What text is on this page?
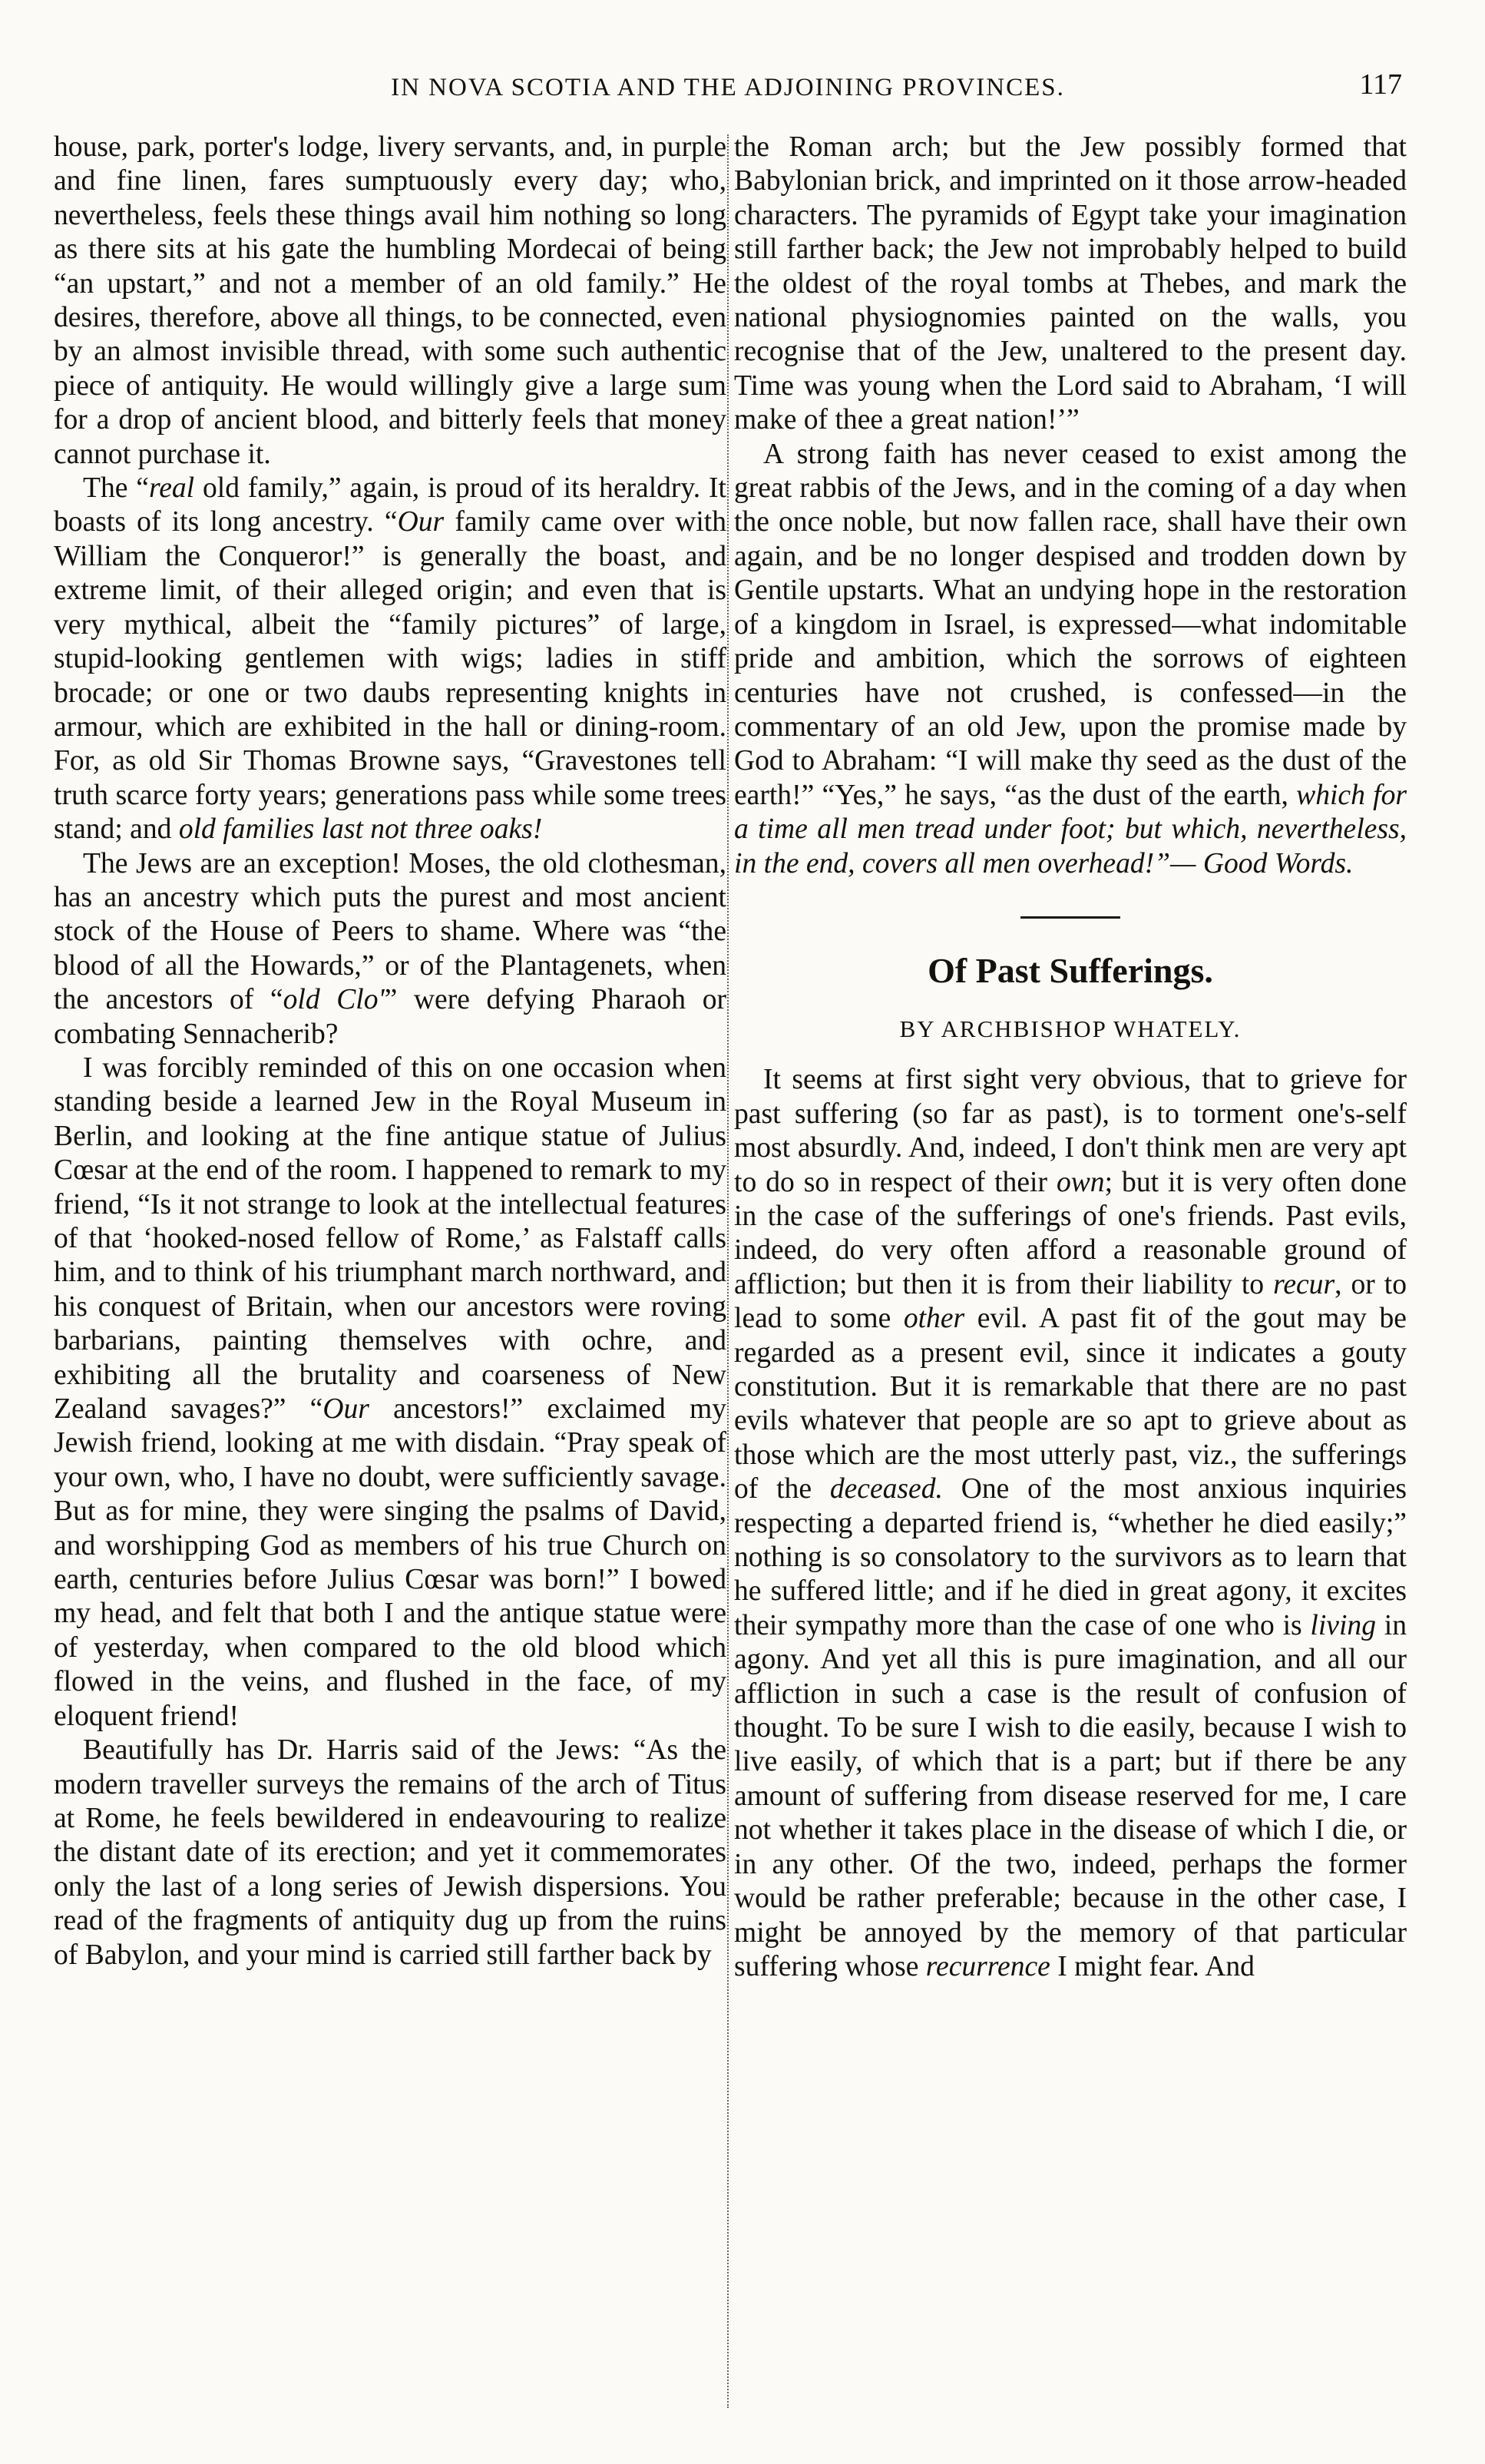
IN NOVA SCOTIA AND THE ADJOINING PROVINCES.	117

house, park, porter's lodge, livery servants, and, in purple and fine linen, fares sumptuously every day; who, nevertheless, feels these things avail him nothing so long as there sits at his gate the humbling Mordecai of being “an upstart,” and not a member of an old family.” He desires, therefore, above all things, to be connected, even by an almost invisible thread, with some such authentic piece of antiquity. He would willingly give a large sum for a drop of ancient blood, and bitterly feels that money cannot purchase it.

The “real old family,” again, is proud of its heraldry. It boasts of its long ancestry. “Our family came over with William the Conqueror!” is generally the boast, and extreme limit, of their alleged origin; and even that is very mythical, albeit the “family pictures” of large, stupid-looking gentlemen with wigs; ladies in stiff brocade; or one or two daubs representing knights in armour, which are exhibited in the hall or dining-room. For, as old Sir Thomas Browne says, “Gravestones tell truth scarce forty years; generations pass while some trees stand; and old families last not three oaks!

The Jews are an exception! Moses, the old clothesman, has an ancestry which puts the purest and most ancient stock of the House of Peers to shame. Where was “the blood of all the Howards,” or of the Plantagenets, when the ancestors of “old Clo'” were defying Pharaoh or combating Sennacherib?

I was forcibly reminded of this on one occasion when standing beside a learned Jew in the Royal Museum in Berlin, and looking at the fine antique statue of Julius Cœsar at the end of the room. I happened to remark to my friend, “Is it not strange to look at the intellectual features of that ‘hooked-nosed fellow of Rome,’ as Falstaff calls him, and to think of his triumphant march northward, and his conquest of Britain, when our ancestors were roving barbarians, painting themselves with ochre, and exhibiting all the brutality and coarseness of New Zealand savages?” “Our ancestors!” exclaimed my Jewish friend, looking at me with disdain. “Pray speak of your own, who, I have no doubt, were sufficiently savage. But as for mine, they were singing the psalms of David, and worshipping God as members of his true Church on earth, centuries before Julius Cœsar was born!” I bowed my head, and felt that both I and the antique statue were of yesterday, when compared to the old blood which flowed in the veins, and flushed in the face, of my eloquent friend!

Beautifully has Dr. Harris said of the Jews: “As the modern traveller surveys the remains of the arch of Titus at Rome, he feels bewildered in endeavouring to realize the distant date of its erection; and yet it commemorates only the last of a long series of Jewish dispersions. You read of the fragments of antiquity dug up from the ruins of Babylon, and your mind is carried still farther back by

the Roman arch; but the Jew possibly formed that Babylonian brick, and imprinted on it those arrow-headed characters. The pyramids of Egypt take your imagination still farther back; the Jew not improbably helped to build the oldest of the royal tombs at Thebes, and mark the national physiognomies painted on the walls, you recognise that of the Jew, unaltered to the present day. Time was young when the Lord said to Abraham, ‘I will make of thee a great nation!’”

A strong faith has never ceased to exist among the great rabbis of the Jews, and in the coming of a day when the once noble, but now fallen race, shall have their own again, and be no longer despised and trodden down by Gentile upstarts. What an undying hope in the restoration of a kingdom in Israel, is expressed—what indomitable pride and ambition, which the sorrows of eighteen centuries have not crushed, is confessed—in the commentary of an old Jew, upon the promise made by God to Abraham: “I will make thy seed as the dust of the earth!” “Yes,” he says, “as the dust of the earth, which for a time all men tread under foot; but which, nevertheless, in the end, covers all men overhead!”— Good Words.

Of Past Sufferings.
BY ARCHBISHOP WHATELY.

It seems at first sight very obvious, that to grieve for past suffering (so far as past), is to torment one's-self most absurdly. And, indeed, I don't think men are very apt to do so in respect of their own; but it is very often done in the case of the sufferings of one's friends. Past evils, indeed, do very often afford a reasonable ground of affliction; but then it is from their liability to recur, or to lead to some other evil. A past fit of the gout may be regarded as a present evil, since it indicates a gouty constitution. But it is remarkable that there are no past evils whatever that people are so apt to grieve about as those which are the most utterly past, viz., the sufferings of the deceased. One of the most anxious inquiries respecting a departed friend is, “whether he died easily;” nothing is so consolatory to the survivors as to learn that he suffered little; and if he died in great agony, it excites their sympathy more than the case of one who is living in agony. And yet all this is pure imagination, and all our affliction in such a case is the result of confusion of thought. To be sure I wish to die easily, because I wish to live easily, of which that is a part; but if there be any amount of suffering from disease reserved for me, I care not whether it takes place in the disease of which I die, or in any other. Of the two, indeed, perhaps the former would be rather preferable; because in the other case, I might be annoyed by the memory of that particular suffering whose recurrence I might fear. And
